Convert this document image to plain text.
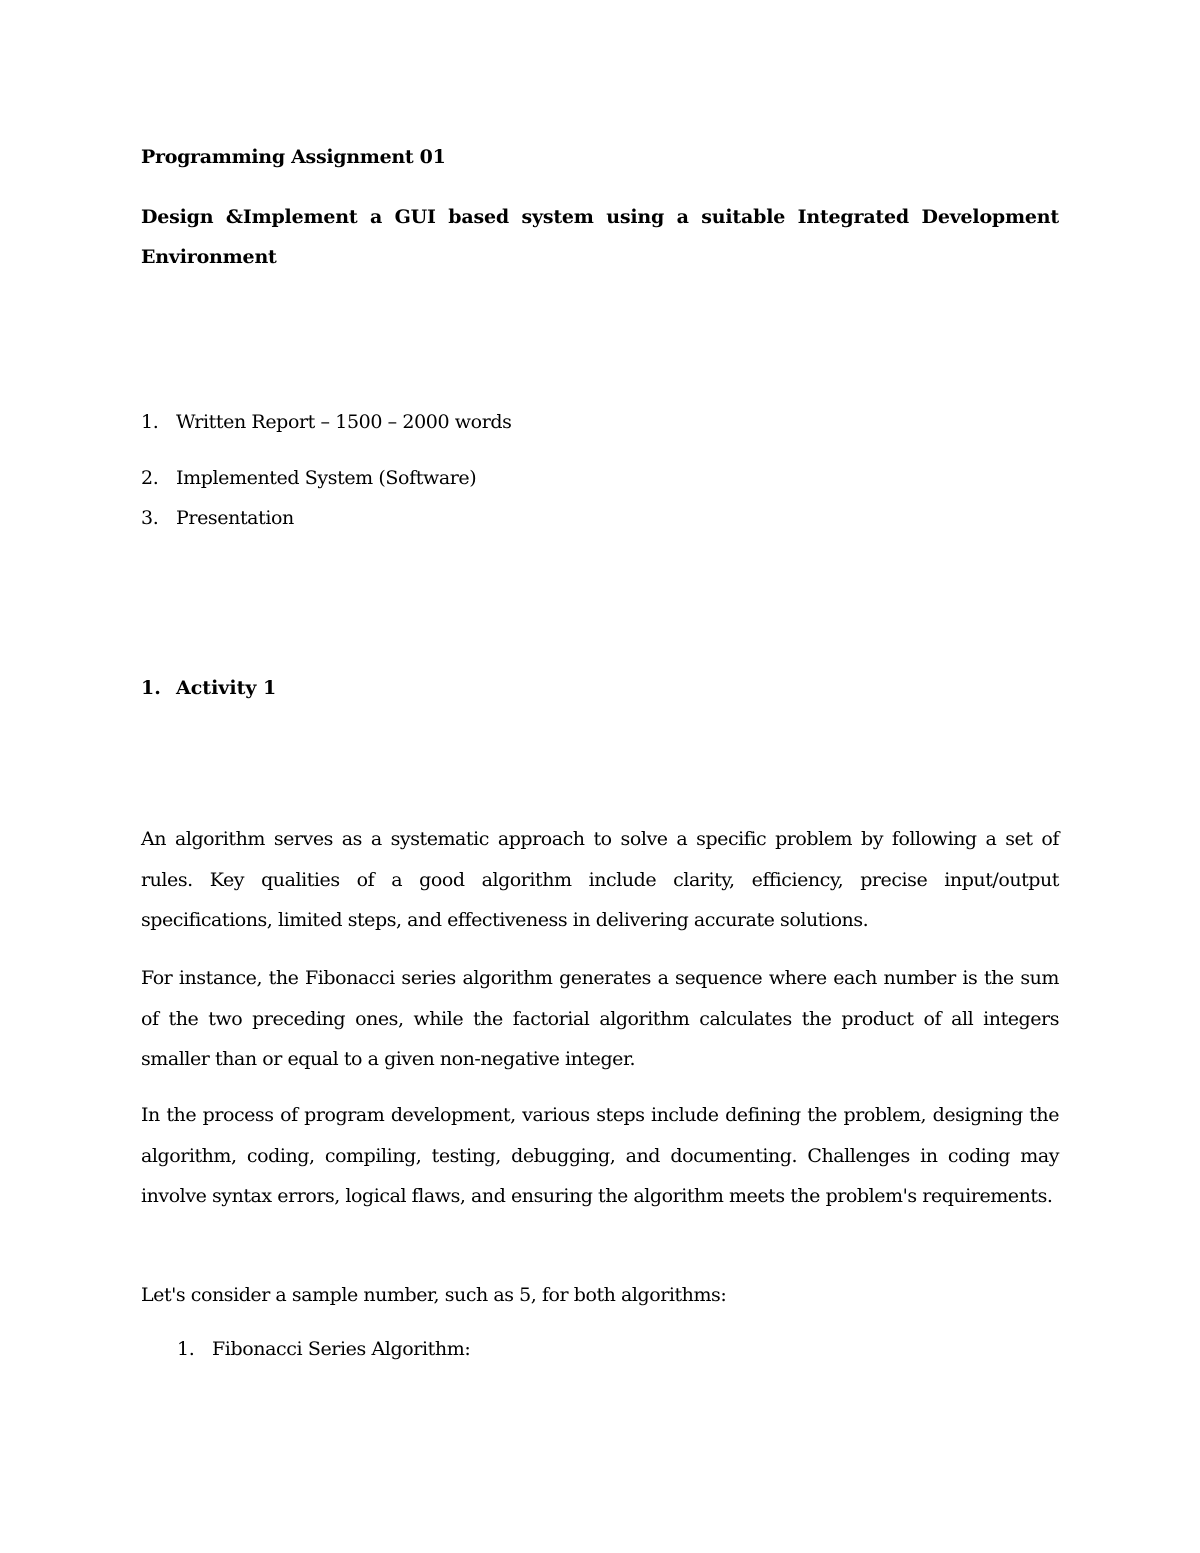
Programming Assignment 01

Design &Implement a GUI based system using a suitable Integrated Development Environment

1. Written Report – 1500 – 2000 words

2. Implemented System (Software)

3. Presentation

1. Activity 1

An algorithm serves as a systematic approach to solve a specific problem by following a set of rules. Key qualities of a good algorithm include clarity, efficiency, precise input/output specifications, limited steps, and effectiveness in delivering accurate solutions.

For instance, the Fibonacci series algorithm generates a sequence where each number is the sum of the two preceding ones, while the factorial algorithm calculates the product of all integers smaller than or equal to a given non-negative integer.

In the process of program development, various steps include defining the problem, designing the algorithm, coding, compiling, testing, debugging, and documenting. Challenges in coding may involve syntax errors, logical flaws, and ensuring the algorithm meets the problem's requirements.

Let's consider a sample number, such as 5, for both algorithms:

1. Fibonacci Series Algorithm:
